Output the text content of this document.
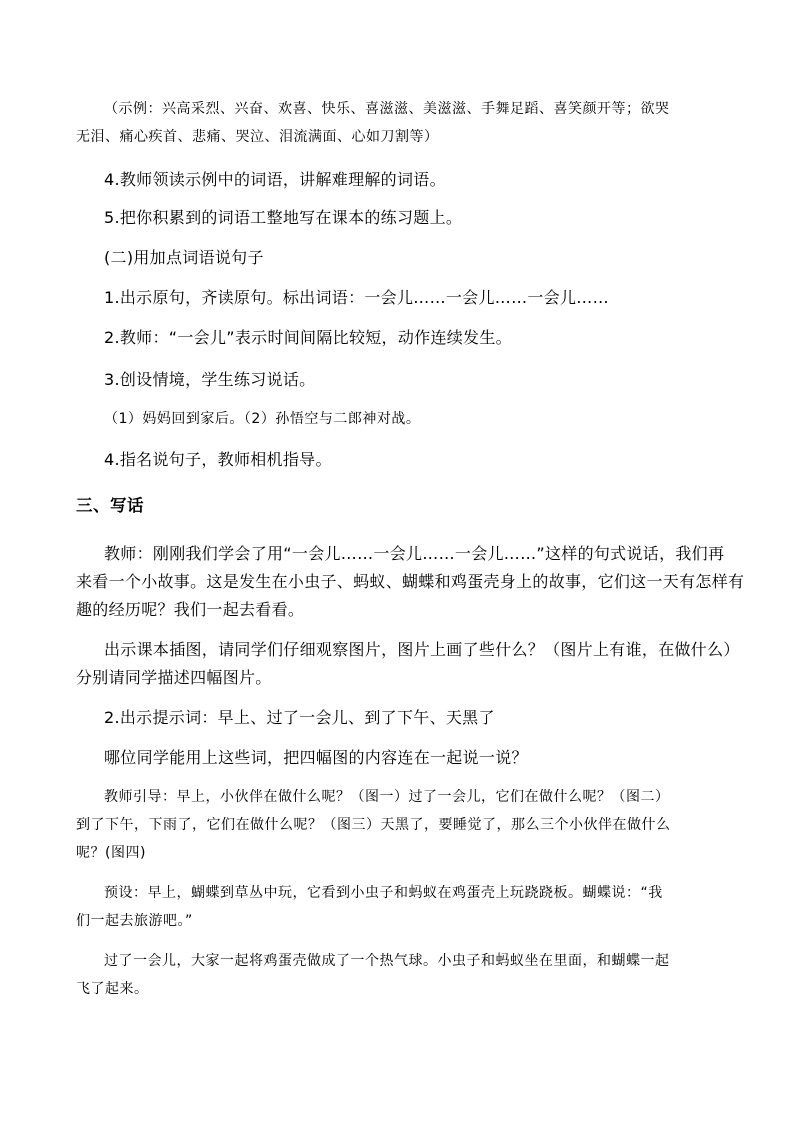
（示例：兴高采烈、兴奋、欢喜、快乐、喜滋滋、美滋滋、手舞足蹈、喜笑颜开等；欲哭
无泪、痛心疾首、悲痛、哭泣、泪流满面、心如刀割等）
4.教师领读示例中的词语，讲解难理解的词语。
5.把你积累到的词语工整地写在课本的练习题上。
(二)用加点词语说句子
1.出示原句，齐读原句。标出词语：一会儿……一会儿……一会儿……
2.教师：“一会儿”表示时间间隔比较短，动作连续发生。
3.创设情境，学生练习说话。
（1）妈妈回到家后。（2）孙悟空与二郎神对战。
4.指名说句子，教师相机指导。
三、写话
教师：刚刚我们学会了用“一会儿……一会儿……一会儿……”这样的句式说话，我们再
来看一个小故事。这是发生在小虫子、蚂蚁、蝴蝶和鸡蛋壳身上的故事，它们这一天有怎样有
趣的经历呢？我们一起去看看。
出示课本插图，请同学们仔细观察图片，图片上画了些什么？（图片上有谁，在做什么）
分别请同学描述四幅图片。
2.出示提示词：早上、过了一会儿、到了下午、天黑了
哪位同学能用上这些词，把四幅图的内容连在一起说一说？
教师引导：早上，小伙伴在做什么呢？（图一）过了一会儿，它们在做什么呢？（图二）
到了下午，下雨了，它们在做什么呢？（图三）天黑了，要睡觉了，那么三个小伙伴在做什么
呢？(图四)
预设：早上，蝴蝶到草丛中玩，它看到小虫子和蚂蚁在鸡蛋壳上玩跷跷板。蝴蝶说：“我
们一起去旅游吧。”
过了一会儿，大家一起将鸡蛋壳做成了一个热气球。小虫子和蚂蚁坐在里面，和蝴蝶一起
飞了起来。
